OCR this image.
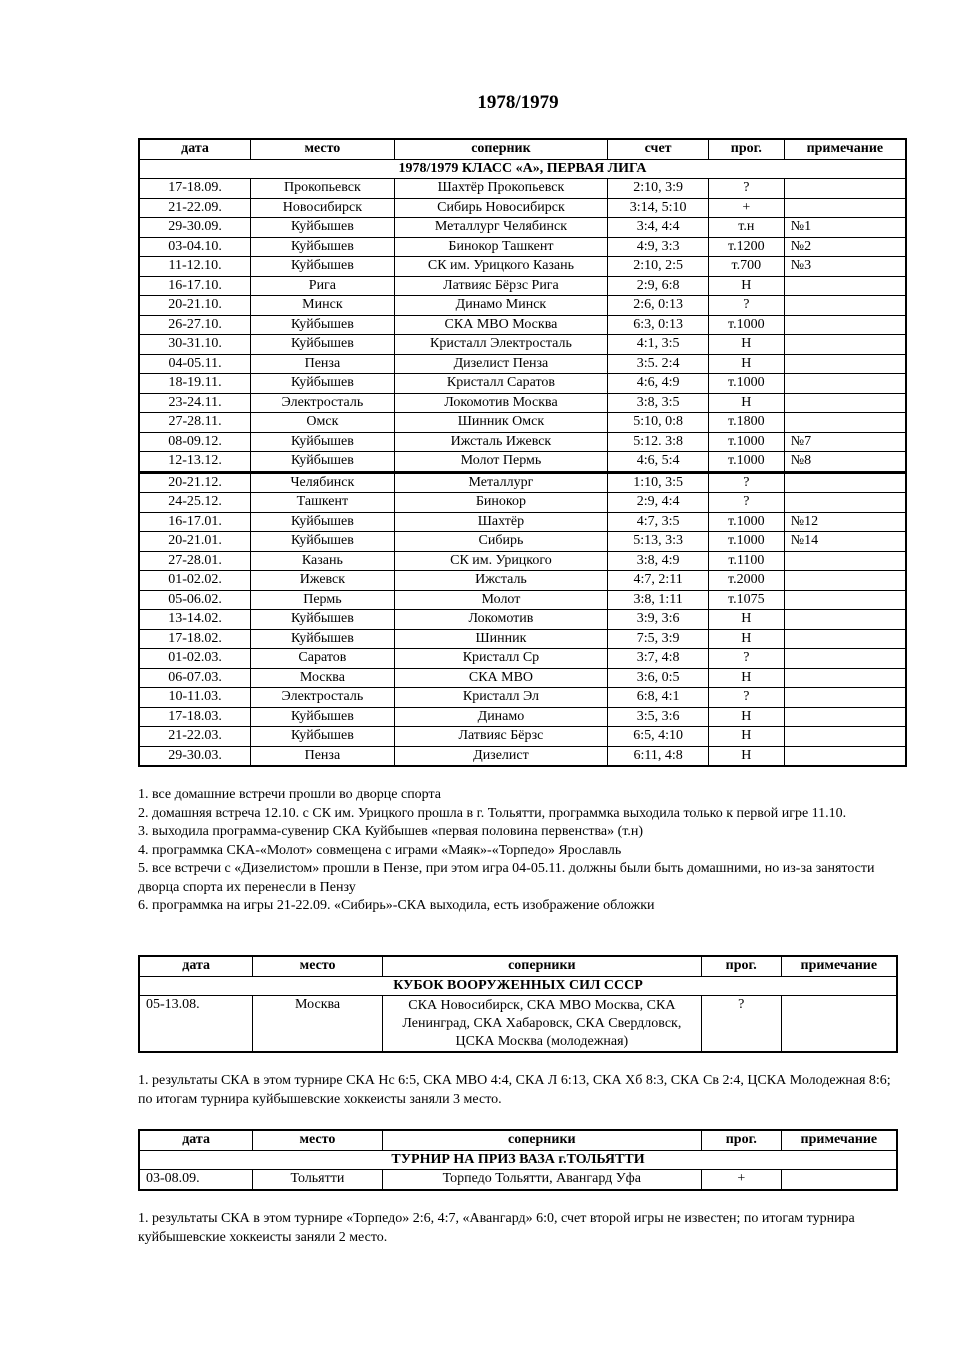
1978/1979
дата	место	соперник	счет	прог.	примечание
1978/1979 КЛАСС «А», ПЕРВАЯ ЛИГА					
17-18.09.	Прокопьевск	Шахтёр Прокопьевск	2:10, 3:9	?	
21-22.09.	Новосибирск	Сибирь Новосибирск	3:14, 5:10	+	
29-30.09.	Куйбышев	Металлург Челябинск	3:4, 4:4	т.н	№1
03-04.10.	Куйбышев	Бинокор Ташкент	4:9, 3:3	т.1200	№2
11-12.10.	Куйбышев	СК им. Урицкого Казань	2:10, 2:5	т.700	№3
16-17.10.	Рига	Латвияс Бёрзс Рига	2:9, 6:8	Н	
20-21.10.	Минск	Динамо Минск	2:6, 0:13	?	
26-27.10.	Куйбышев	СКА МВО Москва	6:3, 0:13	т.1000	
30-31.10.	Куйбышев	Кристалл Электросталь	4:1, 3:5	Н	
04-05.11.	Пенза	Дизелист Пенза	3:5. 2:4	Н	
18-19.11.	Куйбышев	Кристалл Саратов	4:6, 4:9	т.1000	
23-24.11.	Электросталь	Локомотив Москва	3:8, 3:5	Н	
27-28.11.	Омск	Шинник Омск	5:10, 0:8	т.1800	
08-09.12.	Куйбышев	Ижсталь Ижевск	5:12. 3:8	т.1000	№7
12-13.12.	Куйбышев	Молот Пермь	4:6, 5:4	т.1000	№8
20-21.12.	Челябинск	Металлург	1:10, 3:5	?	
24-25.12.	Ташкент	Бинокор	2:9, 4:4	?	
16-17.01.	Куйбышев	Шахтёр	4:7, 3:5	т.1000	№12
20-21.01.	Куйбышев	Сибирь	5:13, 3:3	т.1000	№14
27-28.01.	Казань	СК им. Урицкого	3:8, 4:9	т.1100	
01-02.02.	Ижевск	Ижсталь	4:7, 2:11	т.2000	
05-06.02.	Пермь	Молот	3:8, 1:11	т.1075	
13-14.02.	Куйбышев	Локомотив	3:9, 3:6	Н	
17-18.02.	Куйбышев	Шинник	7:5, 3:9	Н	
01-02.03.	Саратов	Кристалл Ср	3:7, 4:8	?	
06-07.03.	Москва	СКА МВО	3:6, 0:5	Н	
10-11.03.	Электросталь	Кристалл Эл	6:8, 4:1	?	
17-18.03.	Куйбышев	Динамо	3:5, 3:6	Н	
21-22.03.	Куйбышев	Латвияс Бёрзс	6:5, 4:10	Н	
29-30.03.	Пенза	Дизелист	6:11, 4:8	Н	

1. все домашние встречи прошли во дворце спорта

2. домашняя встреча 12.10. с СК им. Урицкого прошла в г. Тольятти, программка выходила только к первой игре 11.10.

3. выходила программа-сувенир СКА Куйбышев «первая половина первенства» (т.н)

4. программка СКА-«Молот» совмещена с играми «Маяк»-«Торпедо» Ярославль

5. все встречи с «Дизелистом» прошли в Пензе, при этом игра 04-05.11. должны были быть домашними, но из-за занятости дворца спорта их перенесли в Пензу

6. программка на игры 21-22.09. «Сибирь»-СКА выходила, есть изображение обложки

дата	место	соперники	прог.	примечание
КУБОК ВООРУЖЕННЫХ СИЛ СССР				
05-13.08.	Москва	СКА Новосибирск, СКА МВО Москва, СКА Ленинград, СКА Хабаровск, СКА Свердловск, ЦСКА Москва (молодежная)	?	

1. результаты СКА в этом турнире СКА Нс 6:5, СКА МВО 4:4, СКА Л 6:13, СКА Хб 8:3, СКА Св 2:4, ЦСКА Молодежная 8:6; по итогам турнира куйбышевские хоккеисты заняли 3 место.

дата	место	соперники	прог.	примечание
ТУРНИР НА ПРИЗ ВАЗА г.ТОЛЬЯТТИ				
03-08.09.	Тольятти	Торпедо Тольятти, Авангард Уфа	+	

1. результаты СКА в этом турнире «Торпедо» 2:6, 4:7, «Авангард» 6:0, счет второй игры не известен; по итогам турнира куйбышевские хоккеисты заняли 2 место.
